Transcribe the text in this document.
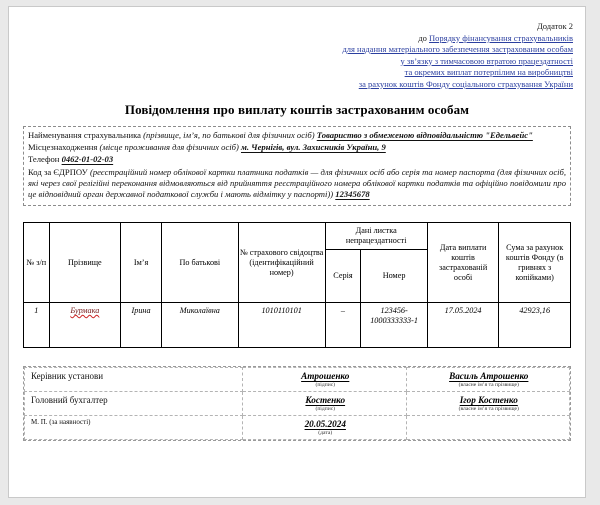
Додаток 2
до Порядку фінансування страхувальників
для надання матеріального забезпечення застрахованим особам
у зв’язку з тимчасовою втратою працездатності
та окремих виплат потерпілим на виробництві
за рахунок коштів Фонду соціального страхування України
Повідомлення про виплату коштів застрахованим особам

Найменування страхувальника (прізвище, ім’я, по батькові для фізичних осіб) Товариство з обмеженою відповідальністю "Едельвейс"

Місцезнаходження (місце проживання для фізичних осіб) м. Чернігів, вул. Захисників України, 9

Телефон 0462-01-02-03

Код за ЄДРПОУ (реєстраційний номер облікової картки платника податків — для фізичних осіб або серія та номер паспорта (для фізичних осіб, які через свої релігійні переконання відмовляються від прийняття реєстраційного номера облікової картки податків та офіційно повідомили про це відповідний орган державної податкової служби і мають відмітку у паспорті)) 12345678

№ з/п	Прізвище	Ім’я	По батькові	№ страхового свідоцтва (ідентифікаційний номер)	Дані листка непрацездатності		Дата виплати коштів застрахованій особі	Сума за рахунок коштів Фонду (в гривнях з копійками)
					Серія	Номер		
1	Бурмака	Ірина	Миколаївна	1010110101	–	123456-1000333333-1	17.05.2024	42923,16
Керівник установи	Атрошенко
(підпис)	Василь Атрошенко
(власне ім’я та прізвище)

Головний бухгалтер	Костенко
(підпис)	Ігор Костенко
(власне ім’я та прізвище)

М. П. (за наявності)	20.05.2024
(дата)	
